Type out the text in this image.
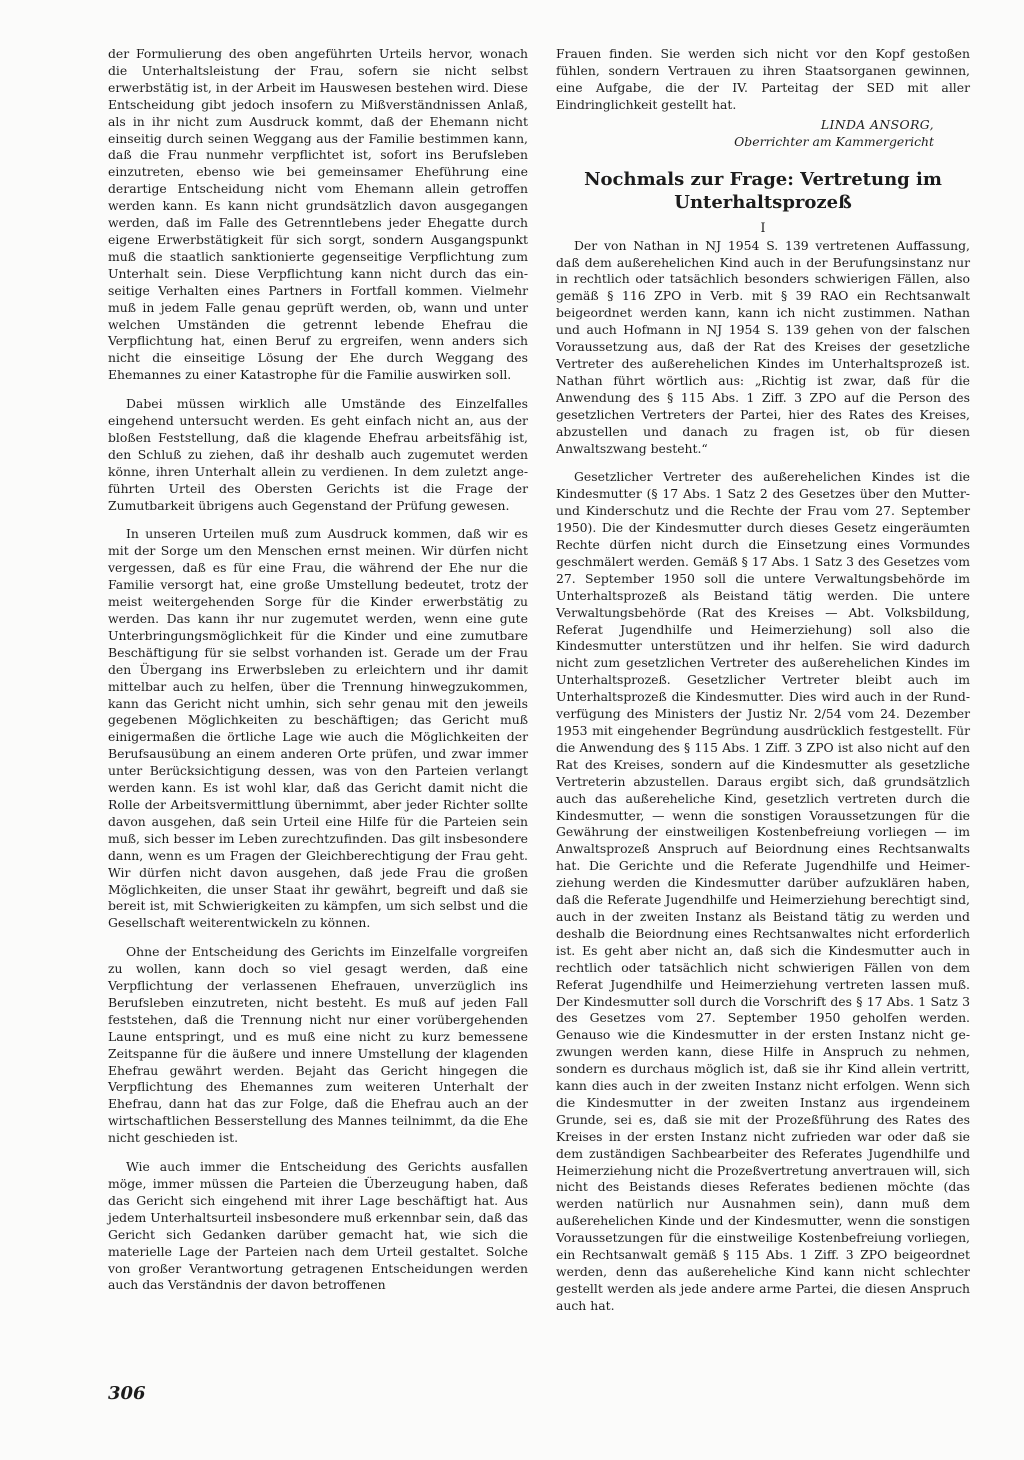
der Formulierung des oben angeführten Urteils hervor, wonach die Unterhaltsleistung der Frau, sofern sie nicht selbst erwerbstätig ist, in der Arbeit im Hauswesen bestehen wird. Diese Entscheidung gibt jedoch insofern zu Mißverständnissen Anlaß, als in ihr nicht zum Ausdruck kommt, daß der Ehemann nicht einseitig durch seinen Weggang aus der Familie bestimmen kann, daß die Frau nunmehr verpflichtet ist, sofort ins Berufsleben einzutreten, ebenso wie bei gemeinsamer Eheführung eine derartige Entscheidung nicht vom Ehemann allein getroffen werden kann. Es kann nicht grundsätzlich davon ausgegangen werden, daß im Falle des Getrenntlebens jeder Ehegatte durch eigene Erwerbstätigkeit für sich sorgt, sondern Ausgangspunkt muß die staatlich sanktionierte gegenseitige Verpflichtung zum Unterhalt sein. Diese Verpflichtung kann nicht durch das einseitige Verhalten eines Partners in Fortfall kommen. Vielmehr muß in jedem Falle genau geprüft werden, ob, wann und unter welchen Umständen die getrennt lebende Ehefrau die Verpflichtung hat, einen Beruf zu ergreifen, wenn anders sich nicht die einseitige Lösung der Ehe durch Weggang des Ehemannes zu einer Katastrophe für die Familie auswirken soll.

Dabei müssen wirklich alle Umstände des Einzelfalles eingehend untersucht werden. Es geht einfach nicht an, aus der bloßen Feststellung, daß die klagende Ehefrau arbeitsfähig ist, den Schluß zu ziehen, daß ihr deshalb auch zugemutet werden könne, ihren Unterhalt allein zu verdienen. In dem zuletzt angeführten Urteil des Obersten Gerichts ist die Frage der Zumutbarkeit übrigens auch Gegenstand der Prüfung gewesen.

In unseren Urteilen muß zum Ausdruck kommen, daß wir es mit der Sorge um den Menschen ernst meinen. Wir dürfen nicht vergessen, daß es für eine Frau, die während der Ehe nur die Familie versorgt hat, eine große Umstellung bedeutet, trotz der meist weitergehenden Sorge für die Kinder erwerbstätig zu werden. Das kann ihr nur zugemutet werden, wenn eine gute Unterbringungsmöglichkeit für die Kinder und eine zumutbare Beschäftigung für sie selbst vorhanden ist. Gerade um der Frau den Übergang ins Erwerbsleben zu erleichtern und ihr damit mittelbar auch zu helfen, über die Trennung hinwegzukommen, kann das Gericht nicht umhin, sich sehr genau mit den jeweils gegebenen Möglichkeiten zu beschäftigen; das Gericht muß einigermaßen die örtliche Lage wie auch die Möglichkeiten der Berufsausübung an einem anderen Orte prüfen, und zwar immer unter Berücksichtigung dessen, was von den Parteien verlangt werden kann. Es ist wohl klar, daß das Gericht damit nicht die Rolle der Arbeitsvermittlung übernimmt, aber jeder Richter sollte davon ausgehen, daß sein Urteil eine Hilfe für die Parteien sein muß, sich besser im Leben zurechtzufinden. Das gilt insbesondere dann, wenn es um Fragen der Gleichberechtigung der Frau geht. Wir dürfen nicht davon ausgehen, daß jede Frau die großen Möglichkeiten, die unser Staat ihr gewährt, begreift und daß sie bereit ist, mit Schwierigkeiten zu kämpfen, um sich selbst und die Gesellschaft weiterentwickeln zu können.

Ohne der Entscheidung des Gerichts im Einzelfalle vorgreifen zu wollen, kann doch so viel gesagt werden, daß eine Verpflichtung der verlassenen Ehefrauen, unverzüglich ins Berufsleben einzutreten, nicht besteht. Es muß auf jeden Fall feststehen, daß die Trennung nicht nur einer vorübergehenden Laune entspringt, und es muß eine nicht zu kurz bemessene Zeitspanne für die äußere und innere Umstellung der klagenden Ehefrau gewährt werden. Bejaht das Gericht hingegen die Verpflichtung des Ehemannes zum weiteren Unterhalt der Ehefrau, dann hat das zur Folge, daß die Ehefrau auch an der wirtschaftlichen Besserstellung des Mannes teilnimmt, da die Ehe nicht geschieden ist.

Wie auch immer die Entscheidung des Gerichts ausfallen möge, immer müssen die Parteien die Überzeugung haben, daß das Gericht sich eingehend mit ihrer Lage beschäftigt hat. Aus jedem Unterhaltsurteil insbesondere muß erkennbar sein, daß das Gericht sich Gedanken darüber gemacht hat, wie sich die materielle Lage der Parteien nach dem Urteil gestaltet. Solche von großer Verantwortung getragenen Entscheidungen werden auch das Verständnis der davon betroffenen

Frauen finden. Sie werden sich nicht vor den Kopf gestoßen fühlen, sondern Vertrauen zu ihren Staatsorganen gewinnen, eine Aufgabe, die der IV. Parteitag der SED mit aller Eindringlichkeit gestellt hat.

LINDA ANSORG,
Oberrichter am Kammergericht
Nochmals zur Frage: Vertretung im Unterhaltsprozeß
I

Der von Nathan in NJ 1954 S. 139 vertretenen Auffassung, daß dem außerehelichen Kind auch in der Berufungsinstanz nur in rechtlich oder tatsächlich besonders schwierigen Fällen, also gemäß § 116 ZPO in Verb. mit § 39 RAO ein Rechtsanwalt beigeordnet werden kann, kann ich nicht zustimmen. Nathan und auch Hofmann in NJ 1954 S. 139 gehen von der falschen Voraussetzung aus, daß der Rat des Kreises der gesetzliche Vertreter des außerehelichen Kindes im Unterhaltsprozeß ist. Nathan führt wörtlich aus: „Richtig ist zwar, daß für die Anwendung des § 115 Abs. 1 Ziff. 3 ZPO auf die Person des gesetzlichen Vertreters der Partei, hier des Rates des Kreises, abzustellen und danach zu fragen ist, ob für diesen Anwaltszwang besteht.“

Gesetzlicher Vertreter des außerehelichen Kindes ist die Kindesmutter (§ 17 Abs. 1 Satz 2 des Gesetzes über den Mutter- und Kinderschutz und die Rechte der Frau vom 27. September 1950). Die der Kindesmutter durch dieses Gesetz eingeräumten Rechte dürfen nicht durch die Einsetzung eines Vormundes geschmälert werden. Gemäß § 17 Abs. 1 Satz 3 des Gesetzes vom 27. September 1950 soll die untere Verwaltungsbehörde im Unterhaltsprozeß als Beistand tätig werden. Die untere Verwaltungsbehörde (Rat des Kreises — Abt. Volksbildung, Referat Jugendhilfe und Heimerziehung) soll also die Kindesmutter unterstützen und ihr helfen. Sie wird dadurch nicht zum gesetzlichen Vertreter des außerehelichen Kindes im Unterhaltsprozeß. Gesetzlicher Vertreter bleibt auch im Unterhaltsprozeß die Kindesmutter. Dies wird auch in der Rundverfügung des Ministers der Justiz Nr. 2/54 vom 24. Dezember 1953 mit eingehender Begründung ausdrücklich festgestellt. Für die Anwendung des § 115 Abs. 1 Ziff. 3 ZPO ist also nicht auf den Rat des Kreises, sondern auf die Kindesmutter als gesetzliche Vertreterin abzustellen. Daraus ergibt sich, daß grundsätzlich auch das außereheliche Kind, gesetzlich vertreten durch die Kindesmutter, — wenn die sonstigen Voraussetzungen für die Gewährung der einstweiligen Kostenbefreiung vorliegen — im Anwaltsprozeß Anspruch auf Beiordnung eines Rechtsanwalts hat. Die Gerichte und die Referate Jugendhilfe und Heimerziehung werden die Kindesmutter darüber aufzuklären haben, daß die Referate Jugendhilfe und Heimerziehung berechtigt sind, auch in der zweiten Instanz als Beistand tätig zu werden und deshalb die Beiordnung eines Rechtsanwaltes nicht erforderlich ist. Es geht aber nicht an, daß sich die Kindesmutter auch in rechtlich oder tatsächlich nicht schwierigen Fällen von dem Referat Jugendhilfe und Heimerziehung vertreten lassen muß. Der Kindesmutter soll durch die Vorschrift des § 17 Abs. 1 Satz 3 des Gesetzes vom 27. September 1950 geholfen werden. Genauso wie die Kindesmutter in der ersten Instanz nicht gezwungen werden kann, diese Hilfe in Anspruch zu nehmen, sondern es durchaus möglich ist, daß sie ihr Kind allein vertritt, kann dies auch in der zweiten Instanz nicht erfolgen. Wenn sich die Kindesmutter in der zweiten Instanz aus irgendeinem Grunde, sei es, daß sie mit der Prozeßführung des Rates des Kreises in der ersten Instanz nicht zufrieden war oder daß sie dem zuständigen Sachbearbeiter des Referates Jugendhilfe und Heimerziehung nicht die Prozeßvertretung anvertrauen will, sich nicht des Beistands dieses Referates bedienen möchte (das werden natürlich nur Ausnahmen sein), dann muß dem außerehelichen Kinde und der Kindesmutter, wenn die sonstigen Voraussetzungen für die einstweilige Kostenbefreiung vorliegen, ein Rechtsanwalt gemäß § 115 Abs. 1 Ziff. 3 ZPO beigeordnet werden, denn das außereheliche Kind kann nicht schlechter gestellt werden als jede andere arme Partei, die diesen Anspruch auch hat.

306
